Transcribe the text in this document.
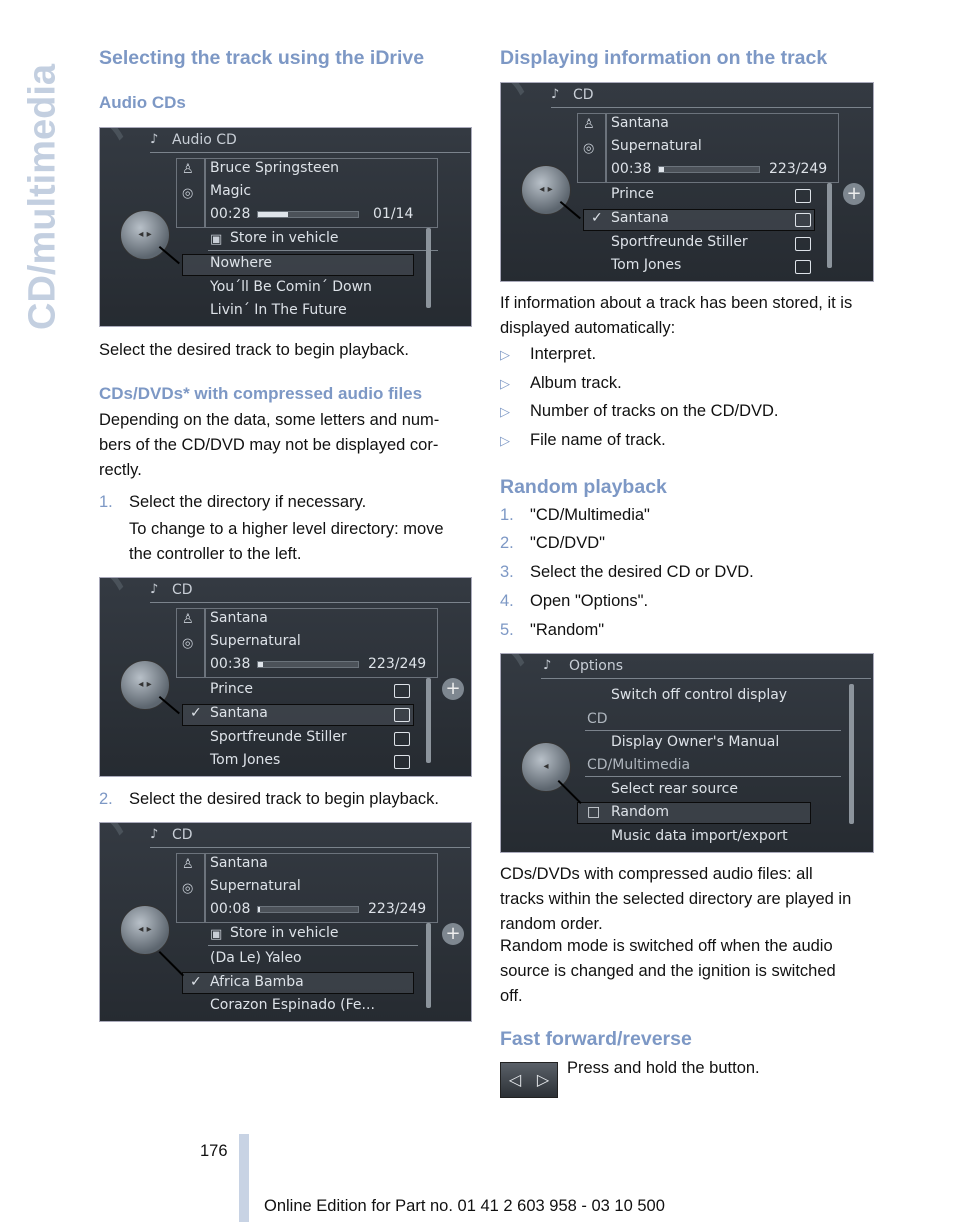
CD/multimedia
Selecting the track using the iDrive
Audio CDs
♪ Audio CD
♙
◎
Bruce Springsteen
Magic
00:28	01/14
◂ ▸	▣ Store in vehicle
Nowhere
You´ll Be Comin´ Down
Livin´ In The Future

Select the desired track to begin playback.

CDs/DVDs* with compressed audio files

Depending on the data, some letters and num-

bers of the CD/DVD may not be displayed cor-

rectly.

1. Select the directory if necessary.

To change to a higher level directory: move

the controller to the left.

♪ CD
♙
◎
Santana
Supernatural
00:38	223/249
◂ ▸	+
Prince
✓ Santana
Sportfreunde Stiller
Tom Jones
2. Select the desired track to begin playback.
♪ CD
♙
◎
Santana
Supernatural
00:08	223/249
◂ ▸	+
▣ Store in vehicle
(Da Le) Yaleo
✓ Africa Bamba
Corazon Espinado (Fe...
Displaying information on the track
♪ CD
♙
◎
Santana
Supernatural
00:38	223/249
◂ ▸	+
Prince
✓ Santana
Sportfreunde Stiller
Tom Jones

If information about a track has been stored, it is

displayed automatically:

▷ Interpret.
▷ Album track.
▷ Number of tracks on the CD/DVD.
▷ File name of track.
Random playback
1. "CD/Multimedia"
2. "CD/DVD"
3. Select the desired CD or DVD.
4. Open "Options".
5. "Random"
♪ Options
◂
Switch off control display
CD
Display Owner's Manual
CD/Multimedia
Select rear source
□ Random
Music data import/export

CDs/DVDs with compressed audio files: all

tracks within the selected directory are played in

random order.

Random mode is switched off when the audio

source is changed and the ignition is switched

off.

Fast forward/reverse
◁ ▷

Press and hold the button.

176
Online Edition for Part no. 01 41 2 603 958 - 03 10 500
